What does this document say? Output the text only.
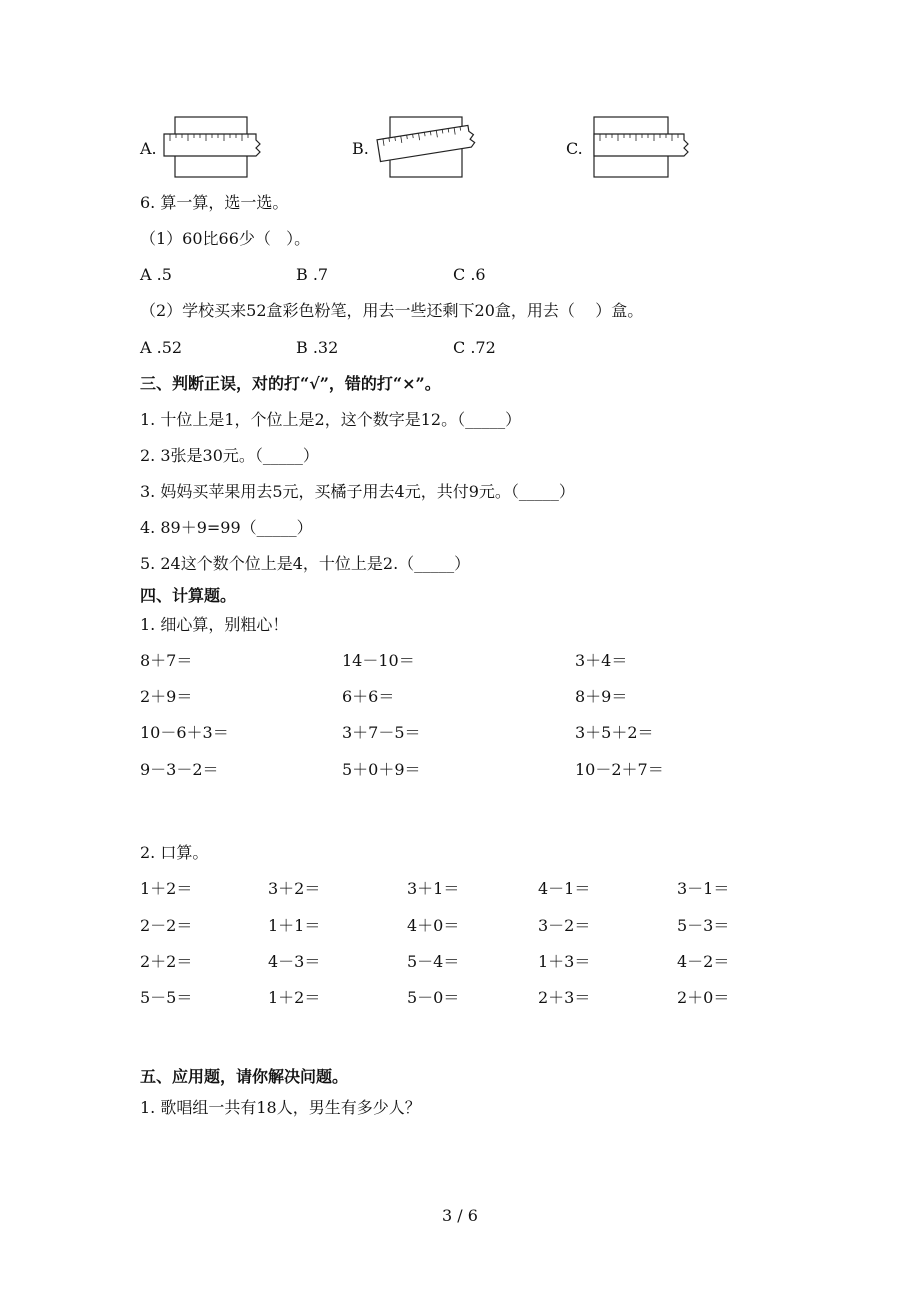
A.	B.	C.
6. 算一算，选一选。
（1）60比66少（   ）。
A .5	B .7	C .6
（2）学校买来52盒彩色粉笔，用去一些还剩下20盒，用去（    ）盒。
A .52	B .32	C .72
三、判断正误，对的打“√”，错的打“×”。
1. 十位上是1，个位上是2，这个数字是12。（_____）
2. 3张是30元。（_____）
3. 妈妈买苹果用去5元，买橘子用去4元，共付9元。（_____）
4. 89＋9=99（_____）
5. 24这个数个位上是4，十位上是2.（_____）
四、计算题。
1. 细心算，别粗心！
8＋7＝	14－10＝	3＋4＝
2＋9＝	6＋6＝	8＋9＝
10－6＋3＝	3＋7－5＝	3＋5＋2＝
9－3－2＝	5＋0＋9＝	10－2＋7＝
2. 口算。
1＋2＝	3＋2＝	3＋1＝	4－1＝	3－1＝
2－2＝	1＋1＝	4＋0＝	3－2＝	5－3＝
2＋2＝	4－3＝	5－4＝	1＋3＝	4－2＝
5－5＝	1＋2＝	5－0＝	2＋3＝	2＋0＝
五、应用题，请你解决问题。
1. 歌唱组一共有18人，男生有多少人？
3 / 6
